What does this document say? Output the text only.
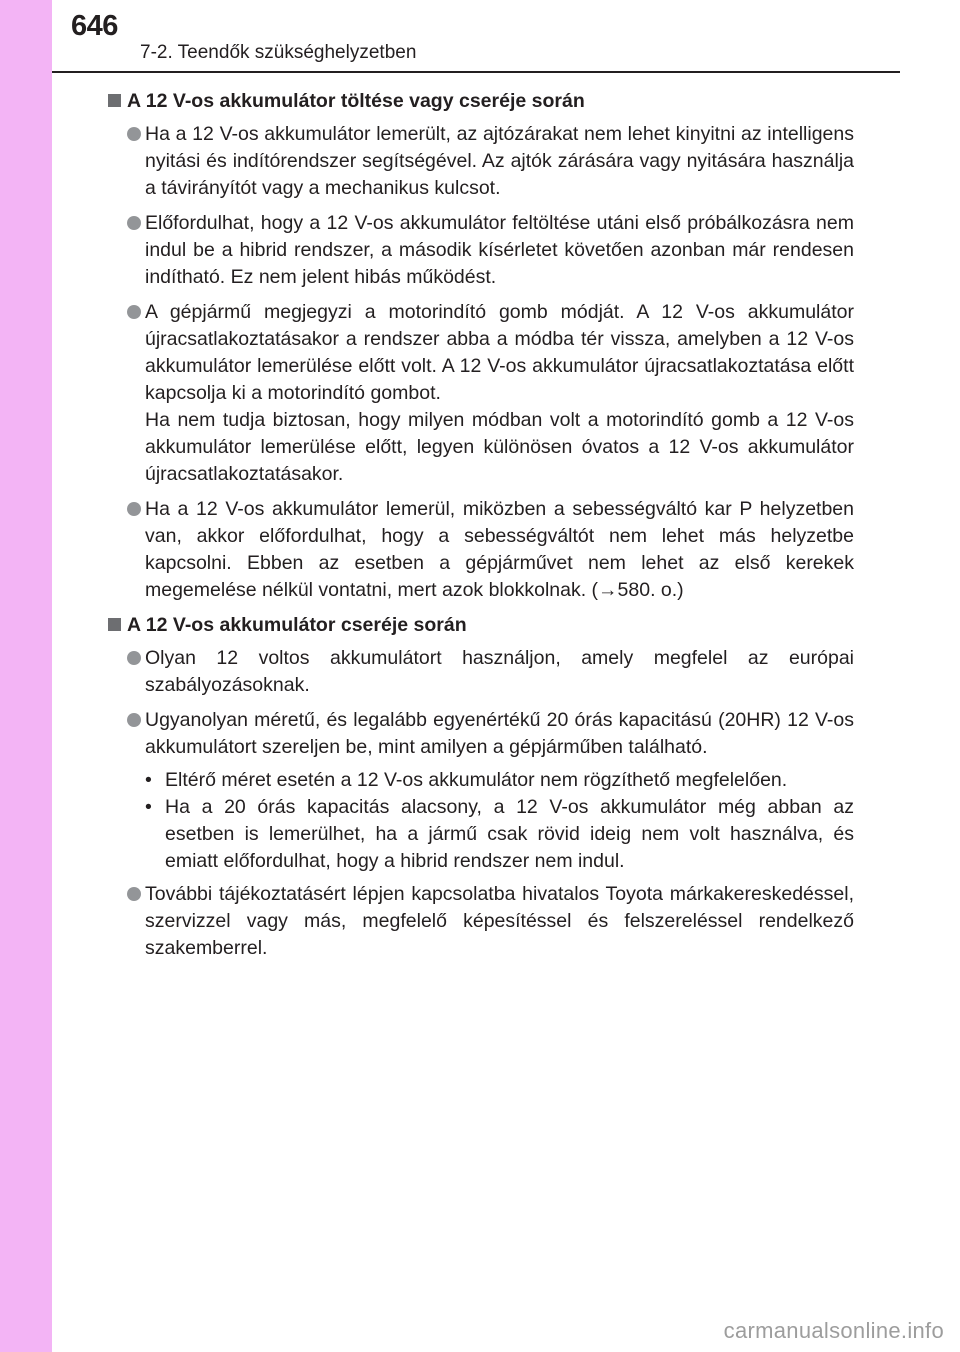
646
7-2. Teendők szükséghelyzetben
A 12 V-os akkumulátor töltése vagy cseréje során
Ha a 12 V-os akkumulátor lemerült, az ajtózárakat nem lehet kinyitni az intelligens nyitási és indítórendszer segítségével. Az ajtók zárására vagy nyitására használja a távirányítót vagy a mechanikus kulcsot.
Előfordulhat, hogy a 12 V-os akkumulátor feltöltése utáni első próbálkozásra nem indul be a hibrid rendszer, a második kísérletet követően azonban már rendesen indítható. Ez nem jelent hibás működést.
A gépjármű megjegyzi a motorindító gomb módját. A 12 V-os akkumulátor újracsatlakoztatásakor a rendszer abba a módba tér vissza, amelyben a 12 V-os akkumulátor lemerülése előtt volt. A 12 V-os akkumulátor újracsatlakoztatása előtt kapcsolja ki a motorindító gombot.
Ha nem tudja biztosan, hogy milyen módban volt a motorindító gomb a 12 V-os akkumulátor lemerülése előtt, legyen különösen óvatos a 12 V-os akkumulátor újracsatlakoztatásakor.
Ha a 12 V-os akkumulátor lemerül, miközben a sebességváltó kar P helyzetben van, akkor előfordulhat, hogy a sebességváltót nem lehet más helyzetbe kapcsolni. Ebben az esetben a gépjárművet nem lehet az első kerekek megemelése nélkül vontatni, mert azok blokkolnak. (→580. o.)
A 12 V-os akkumulátor cseréje során
Olyan 12 voltos akkumulátort használjon, amely megfelel az európai szabályozásoknak.
Ugyanolyan méretű, és legalább egyenértékű 20 órás kapacitású (20HR) 12 V-os akkumulátort szereljen be, mint amilyen a gépjárműben található.
• Eltérő méret esetén a 12 V-os akkumulátor nem rögzíthető megfelelően.
• Ha a 20 órás kapacitás alacsony, a 12 V-os akkumulátor még abban az esetben is lemerülhet, ha a jármű csak rövid ideig nem volt használva, és emiatt előfordulhat, hogy a hibrid rendszer nem indul.
További tájékoztatásért lépjen kapcsolatba hivatalos Toyota márkakereskedéssel, szervizzel vagy más, megfelelő képesítéssel és felszereléssel rendelkező szakemberrel.
carmanualsonline.info
